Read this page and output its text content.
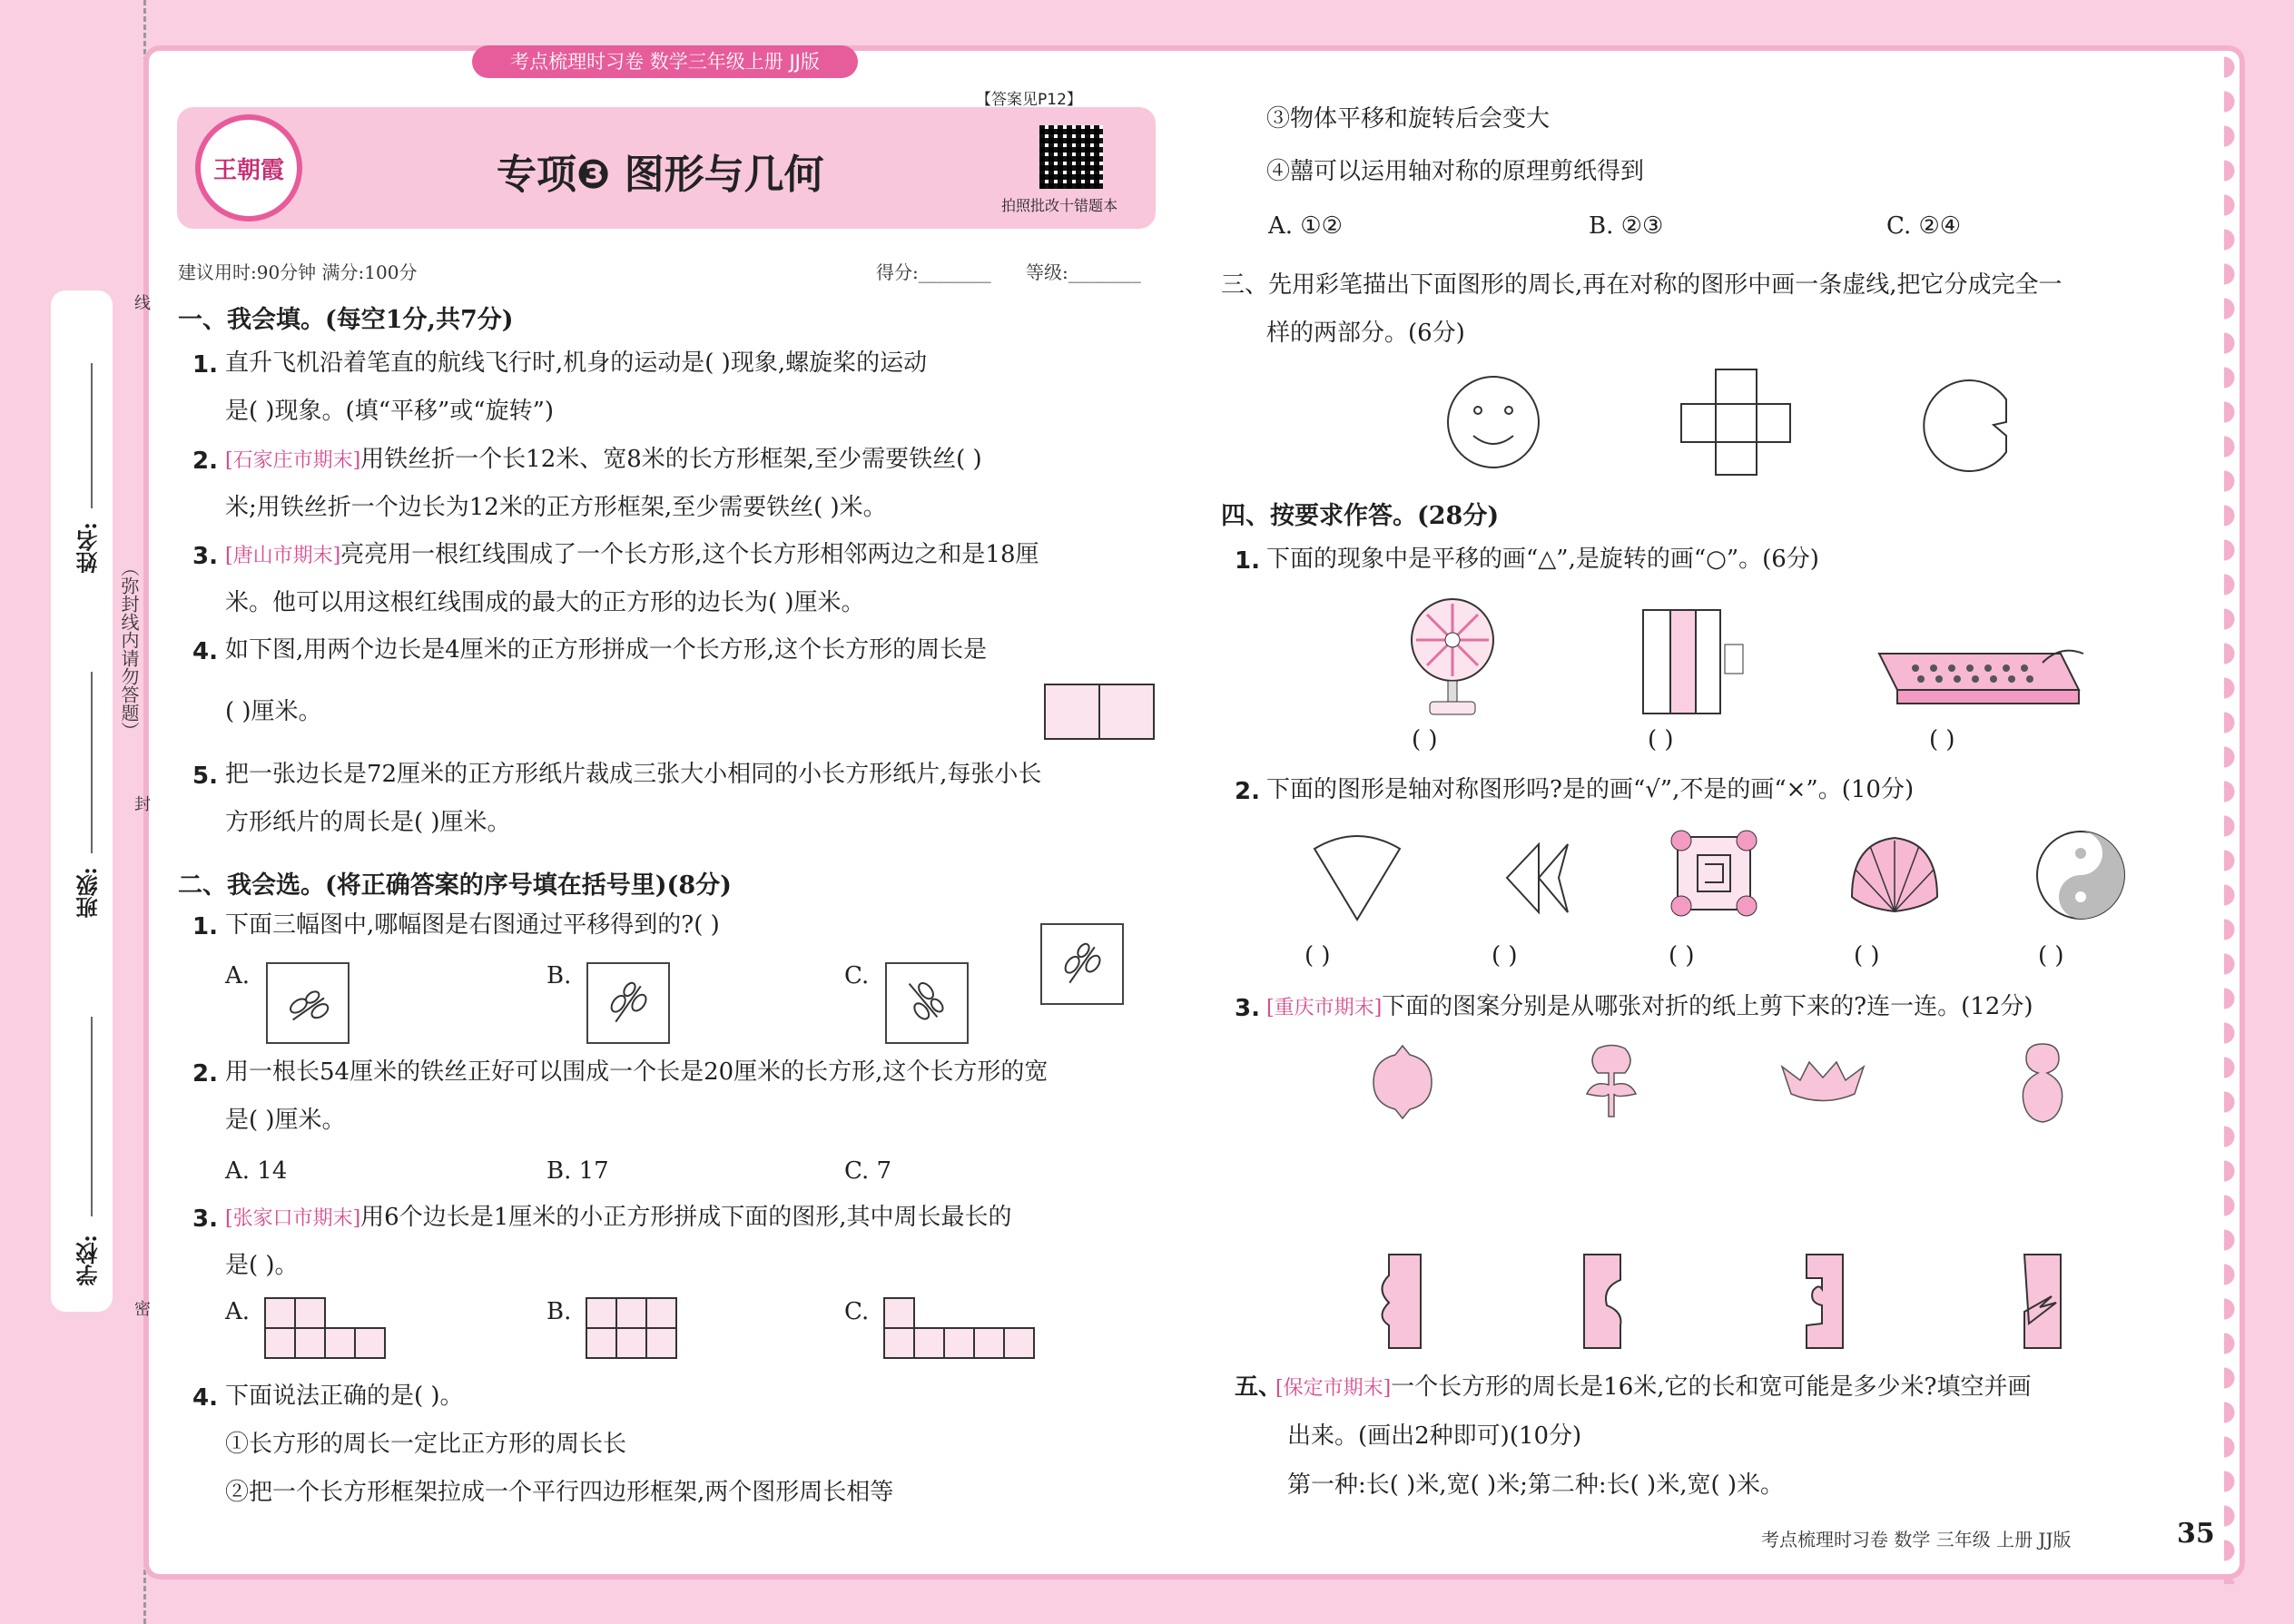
姓名:
班级:
学校:
（弥封线内请勿答题）
线
封
密
考点梳理时习卷 数学三年级上册 JJ版
王朝霞	专项❸ 图形与几何
拍照批改十错题本
【答案见P12】
建议用时:90分钟 满分:100分	得分:________ 等级:________
一、我会填。(每空1分,共7分)
1. 直升飞机沿着笔直的航线飞行时,机身的运动是( )现象,螺旋桨的运动
是( )现象。(填“平移”或“旋转”)
2. [石家庄市期末]用铁丝折一个长12米、宽8米的长方形框架,至少需要铁丝( )
米;用铁丝折一个边长为12米的正方形框架,至少需要铁丝( )米。
3. [唐山市期末]亮亮用一根红线围成了一个长方形,这个长方形相邻两边之和是18厘
米。他可以用这根红线围成的最大的正方形的边长为( )厘米。
4. 如下图,用两个边长是4厘米的正方形拼成一个长方形,这个长方形的周长是
( )厘米。
5. 把一张边长是72厘米的正方形纸片裁成三张大小相同的小长方形纸片,每张小长
方形纸片的周长是( )厘米。
二、我会选。(将正确答案的序号填在括号里)(8分)
1. 下面三幅图中,哪幅图是右图通过平移得到的?( )
A.	B.	C.
2. 用一根长54厘米的铁丝正好可以围成一个长是20厘米的长方形,这个长方形的宽
是( )厘米。
A. 14	B. 17	C. 7
3. [张家口市期末]用6个边长是1厘米的小正方形拼成下面的图形,其中周长最长的
是( )。
A.	B.	C.
4. 下面说法正确的是( )。
①长方形的周长一定比正方形的周长长
②把一个长方形框架拉成一个平行四边形框架,两个图形周长相等
③物体平移和旋转后会变大
④囍可以运用轴对称的原理剪纸得到
A. ①②	B. ②③	C. ②④
三、先用彩笔描出下面图形的周长,再在对称的图形中画一条虚线,把它分成完全一
样的两部分。(6分)
四、按要求作答。(28分)
1. 下面的现象中是平移的画“△”,是旋转的画“○”。(6分)
( )	( )	( )
2. 下面的图形是轴对称图形吗?是的画“√”,不是的画“×”。(10分)
( )	( )	( )	( )	( )
3. [重庆市期末]下面的图案分别是从哪张对折的纸上剪下来的?连一连。(12分)
五、
[保定市期末]一个长方形的周长是16米,它的长和宽可能是多少米?填空并画
出来。(画出2种即可)(10分)
第一种:长( )米,宽( )米;第二种:长( )米,宽( )米。
考点梳理时习卷 数学 三年级 上册 JJ版	35
